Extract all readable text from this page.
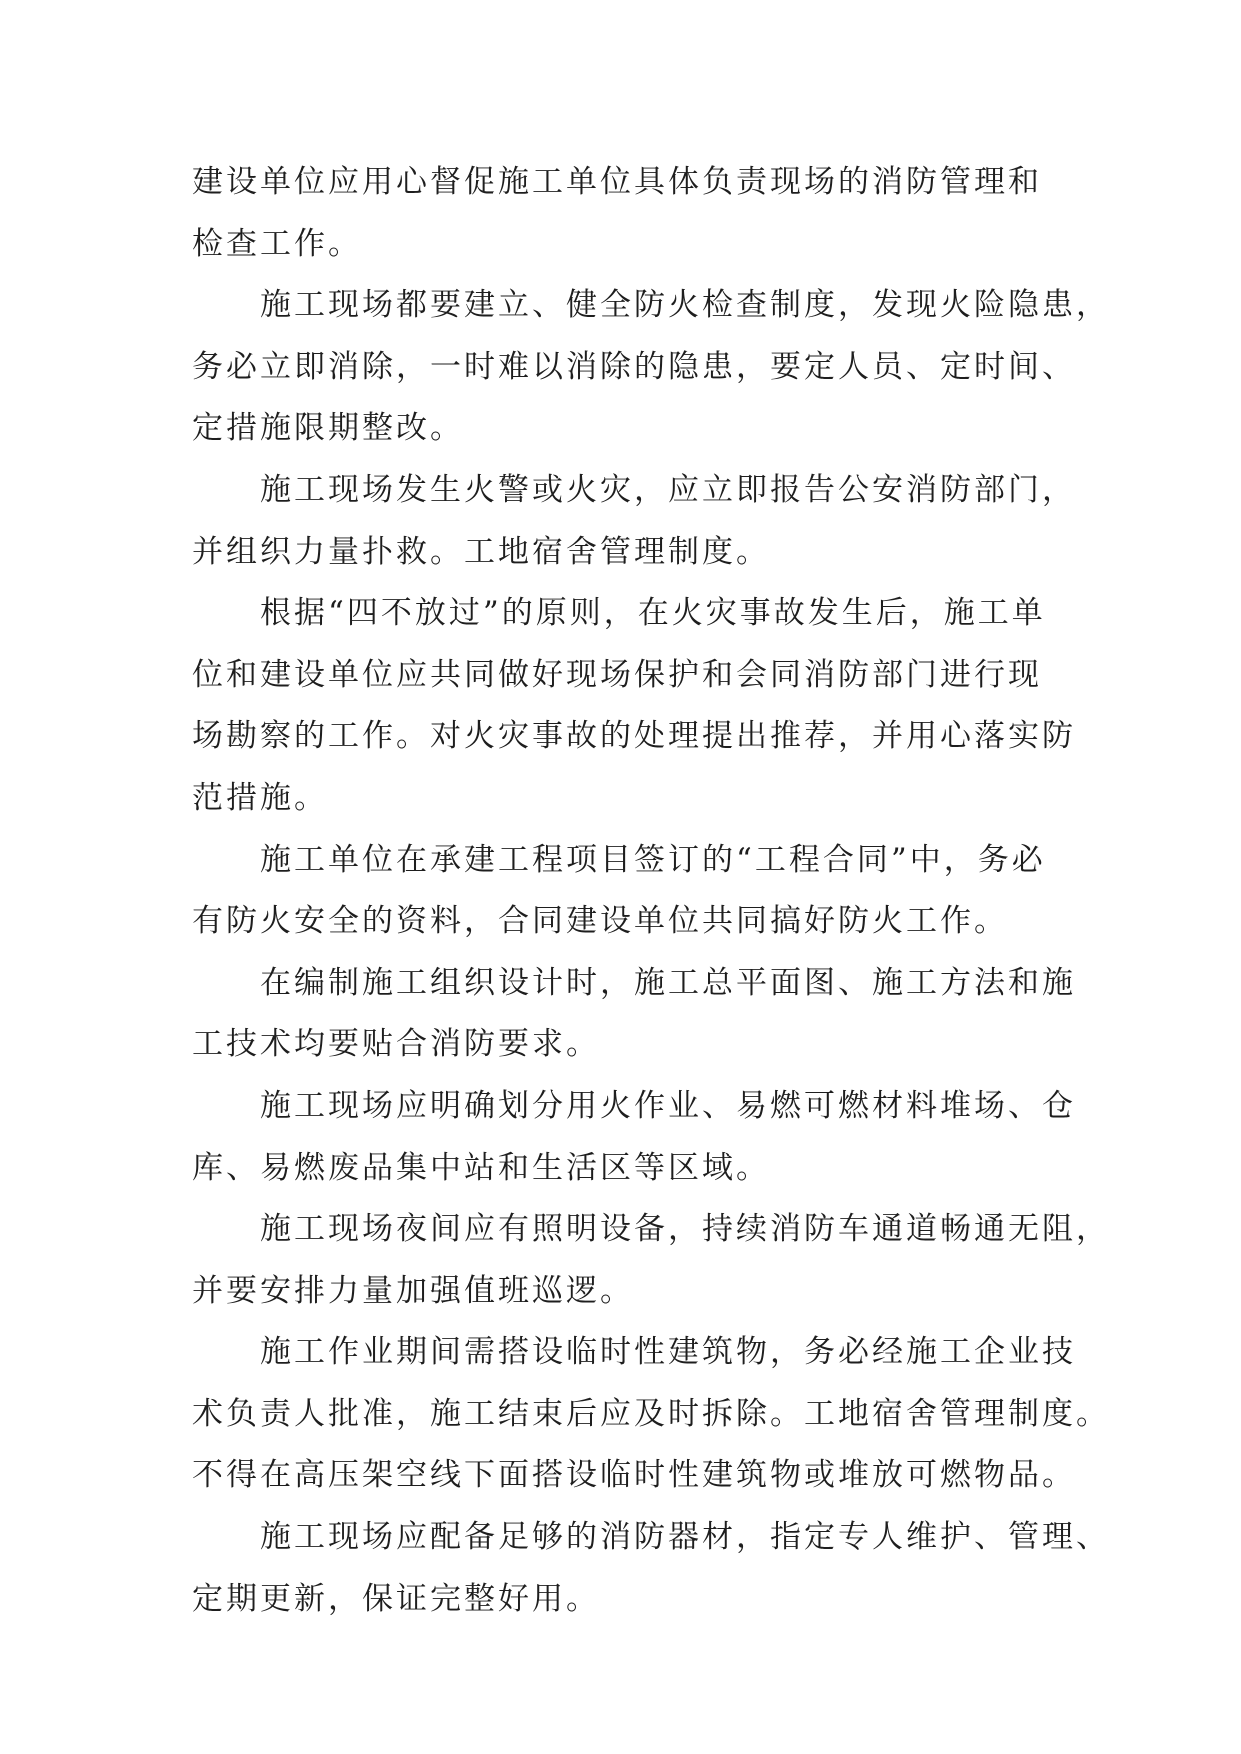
建设单位应用心督促施工单位具体负责现场的消防管理和
检查工作。

施工现场都要建立、健全防火检查制度，发现火险隐患，
务必立即消除，一时难以消除的隐患，要定人员、定时间、
定措施限期整改。

施工现场发生火警或火灾，应立即报告公安消防部门，
并组织力量扑救。工地宿舍管理制度。

根据“四不放过”的原则，在火灾事故发生后，施工单
位和建设单位应共同做好现场保护和会同消防部门进行现
场勘察的工作。对火灾事故的处理提出推荐，并用心落实防
范措施。

施工单位在承建工程项目签订的“工程合同”中，务必
有防火安全的资料，合同建设单位共同搞好防火工作。

在编制施工组织设计时，施工总平面图、施工方法和施
工技术均要贴合消防要求。

施工现场应明确划分用火作业、易燃可燃材料堆场、仓
库、易燃废品集中站和生活区等区域。

施工现场夜间应有照明设备，持续消防车通道畅通无阻，
并要安排力量加强值班巡逻。

施工作业期间需搭设临时性建筑物，务必经施工企业技
术负责人批准，施工结束后应及时拆除。工地宿舍管理制度。
不得在高压架空线下面搭设临时性建筑物或堆放可燃物品。

施工现场应配备足够的消防器材，指定专人维护、管理、
定期更新，保证完整好用。
